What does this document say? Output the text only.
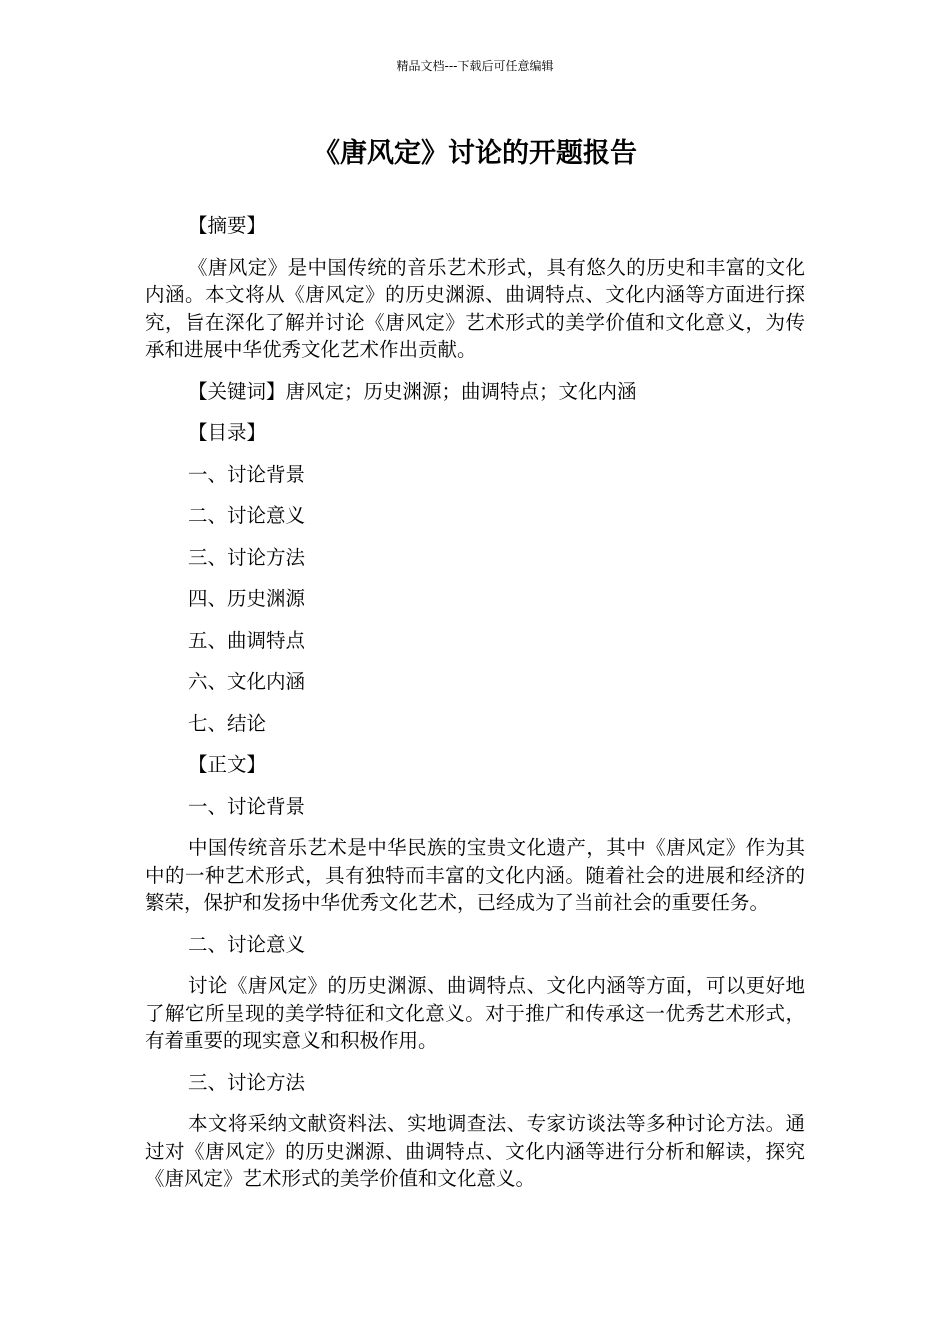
精品文档---下载后可任意编辑
《唐风定》讨论的开题报告
【摘要】
《唐风定》是中国传统的音乐艺术形式，具有悠久的历史和丰富的文化内涵。本文将从《唐风定》的历史渊源、曲调特点、文化内涵等方面进行探究，旨在深化了解并讨论《唐风定》艺术形式的美学价值和文化意义，为传承和进展中华优秀文化艺术作出贡献。
【关键词】唐风定；历史渊源；曲调特点；文化内涵
【目录】
一、讨论背景
二、讨论意义
三、讨论方法
四、历史渊源
五、曲调特点
六、文化内涵
七、结论
【正文】
一、讨论背景
中国传统音乐艺术是中华民族的宝贵文化遗产，其中《唐风定》作为其中的一种艺术形式，具有独特而丰富的文化内涵。随着社会的进展和经济的繁荣，保护和发扬中华优秀文化艺术，已经成为了当前社会的重要任务。
二、讨论意义
讨论《唐风定》的历史渊源、曲调特点、文化内涵等方面，可以更好地了解它所呈现的美学特征和文化意义。对于推广和传承这一优秀艺术形式，有着重要的现实意义和积极作用。
三、讨论方法
本文将采纳文献资料法、实地调查法、专家访谈法等多种讨论方法。通过对《唐风定》的历史渊源、曲调特点、文化内涵等进行分析和解读，探究《唐风定》艺术形式的美学价值和文化意义。
